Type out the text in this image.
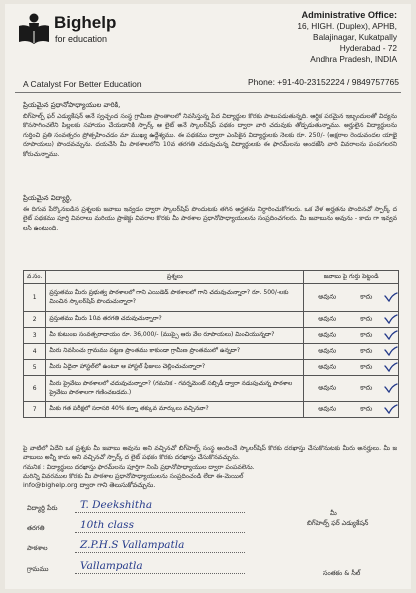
Bighelp
for education
A Catalyst For Better Education
Administrative Office:
16, HIGH. (Duplex), APHB,
Balajinagar, Kukatpally
Hyderabad - 72
Andhra Pradesh, INDIA
Phone: +91-40-23152224 / 9849757765
ప్రియమైన ప్రధానోపాధ్యాయుల వారికి,
బిగ్‌హెల్ప్ ఫర్ ఎడ్యుకేషన్ అనే స్వచ్ఛంద సంస్థ గ్రామీణ ప్రాంతాలలో నివసిస్తున్న పేద విద్యార్థుల కొరకు పాటుపడుతున్నది. ఆర్థిక పరమైన ఇబ్బందులతో విద్యను కొనసాగించలేని పిల్లలకు సహాయం చేయడానికి స్పార్క్ ఆ లైట్ అనే స్కాలర్‌షిప్ పథకం ద్వారా వారి చదువుకు తోడ్పడుతున్నాము. అర్హులైన విద్యార్థులను గుర్తించి ప్రతి సంవత్సరం ప్రోత్సహించడం మా ముఖ్య ఉద్దేశ్యము. ఈ పథకము ద్వారా ఎంపికైన విద్యార్థులకు నెలకు రూ. 250/- (అక్షరాల రెండువందల యాభై రూపాయలు) పొందవచ్చును. దయచేసి మీ పాఠశాలలోని 10వ తరగతి చదువుచున్న విద్యార్థులకు ఈ ఫారమ్‌లను అందజేసి వారి వివరాలను పంపగలరని కోరుచున్నాము.
ప్రియమైన విద్యార్థి,
ఈ దిగువ పేర్కొనబడిన ప్రశ్నలకు జవాబు ఇవ్వడం ద్వారా స్కాలర్‌షిప్ పొందుటకు తగిన అర్హతను నిర్ధారించుకోగలరు. ఒక వేళ అర్హతను పొందినచో స్పార్క్ ద లైట్ పథకము పూర్తి వివరాలు మరియు ప్రాజెక్టు వివరాల కొరకు మీ పాఠశాల ప్రధానోపాధ్యాయులను సంప్రదించగలరు. మీ జవాబును అవును - కాదు గా ఇవ్వవలసి ఉంటుంది.
వ.సం.	ప్రశ్నలు	జవాబు పై గుర్తు పెట్టండి
1	ప్రస్తుతము మీరు ప్రభుత్వ పాఠశాలలో గాని ఎయిడెడ్ పాఠశాలలో గాని చదువుచున్నారా? రూ. 500/-లకు మించిన స్కాలర్‌షిప్ పొందుచున్నారా?	అవును కాదు

2	ప్రస్తుతము మీరు 10వ తరగతి చదువుచున్నారా?	అవును కాదు

3	మీ కుటుంబ సంవత్సరాదాయం రూ. 36,000/- (ముప్పై ఆరు వేల రూపాయలు) మించియున్నదా?	అవును కాదు

4	మీరు నివసించు గ్రామము పట్టణ ప్రాంతము కాకుండా గ్రామీణ ప్రాంతములో ఉన్నదా?	అవును కాదు

5	మీరు ఏదైనా హాస్టల్‌లో ఉంటూ ఆ హాస్టల్ ఫీజులు చెల్లించుచున్నారా?	అవును కాదు

6	మీరు ప్రైవేటు పాఠశాలలో చదువుచున్నారా? (గమనిక - గవర్నమెంట్ సబ్సిడీ ద్వారా నడుపుచున్న పాఠశాల ప్రైవేటు పాఠశాలగా గణించబడదు.)	అవును కాదు

7	మీకు గత పరీక్షలో సరాసరి 40% కన్నా తక్కువ మార్కులు వచ్చినవా?	అవును కాదు
పై వాటిలో ఏదేని ఒక ప్రశ్నకు మీ జవాబు అవును అని వచ్చినచో బిగ్‌హెల్ప్ సంస్థ అందించే స్కాలర్‌షిప్ కొరకు దరఖాస్తు చేసుకొనుటకు మీరు అనర్హులు. మీ జవాబులు అన్నీ కాదు అని వచ్చినచో స్పార్క్ ద లైట్ పథకం కొరకు దరఖాస్తు చేసుకొనవచ్చును.
గమనిక : విద్యార్థులు దరఖాస్తు ఫారమ్‌లను పూర్తిగా నింపి ప్రధానోపాధ్యాయుల ద్వారా పంపవలెను.
మరిన్ని వివరముల కొరకు మీ పాఠశాల ప్రధానోపాధ్యాయులను సంప్రదించండి లేదా ఈ-మెయిల్
info@bighelp.org ద్వారా గాని తెలుసుకోవచ్చును.
విద్యార్థి పేరు T. Deekshitha
తరగతి	10th class
పాఠశాల	Z.P.H.S Vallampatla
గ్రామము	Vallampatla
మీ
బిగ్‌హెల్ప్ ఫర్ ఎడ్యుకేషన్
సంతకం & సీల్
